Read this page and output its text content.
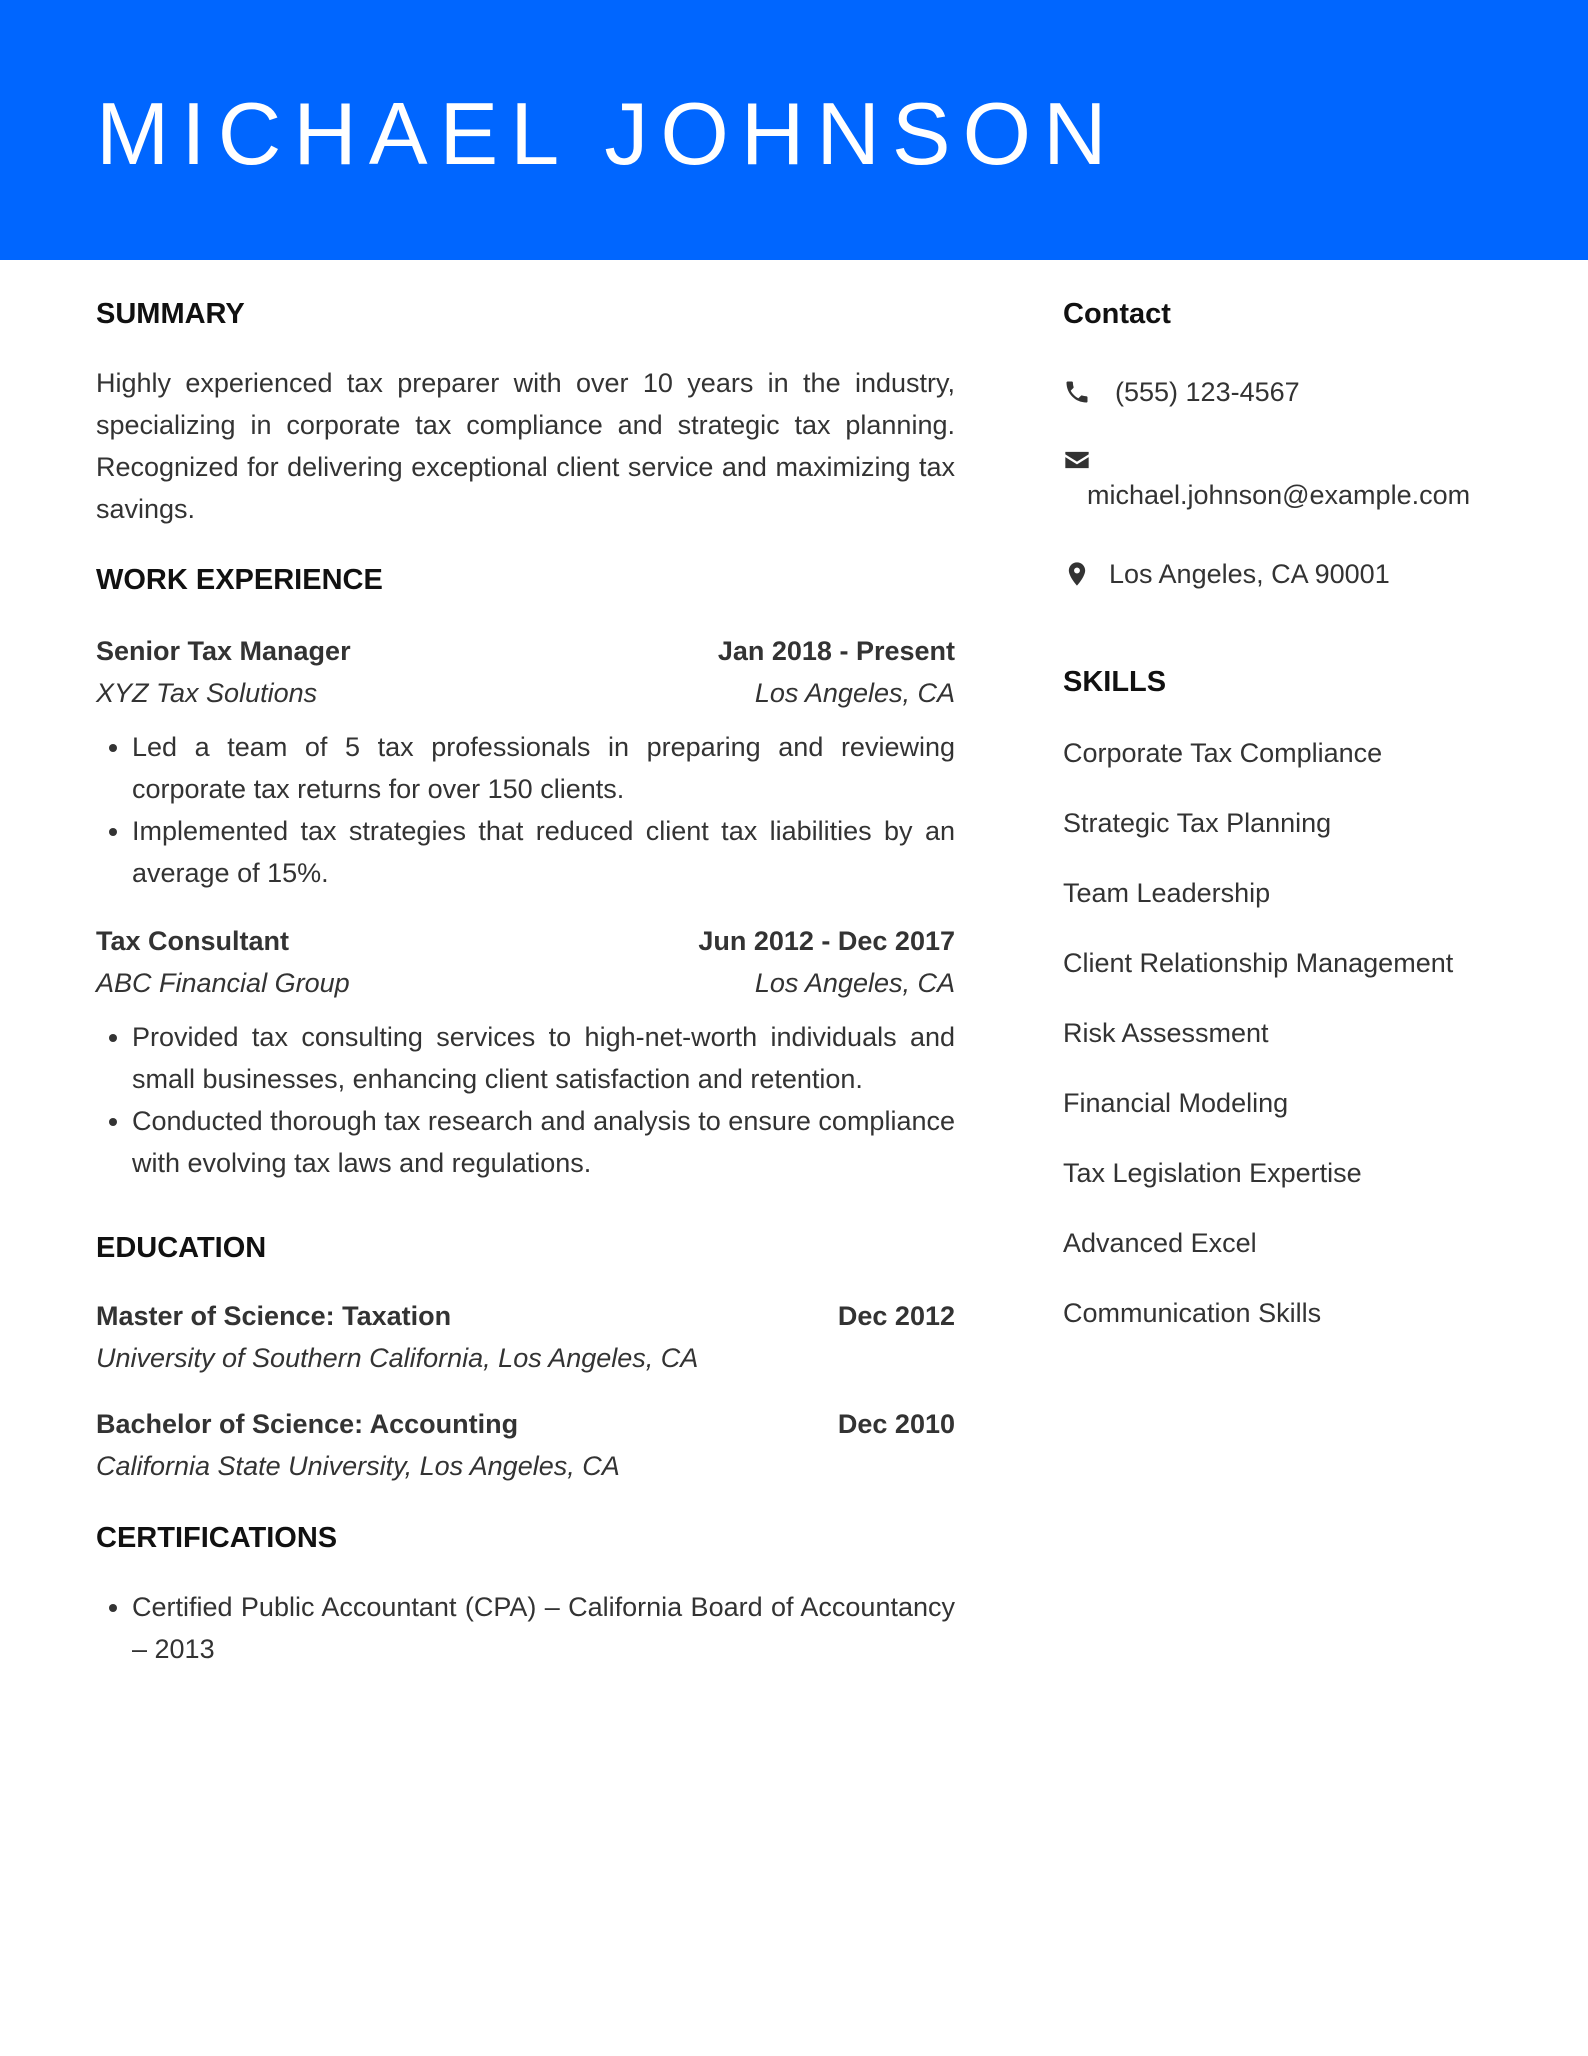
MICHAEL JOHNSON
SUMMARY

Highly experienced tax preparer with over 10 years in the industry, specializing in corporate tax compliance and strategic tax planning. Recognized for delivering exceptional client service and maximizing tax savings.

WORK EXPERIENCE
Senior Tax Manager	Jan 2018 - Present
XYZ Tax Solutions	Los Angeles, CA
• Led a team of 5 tax professionals in preparing and reviewing corporate tax returns for over 150 clients.
• Implemented tax strategies that reduced client tax liabilities by an average of 15%.
Tax Consultant	Jun 2012 - Dec 2017
ABC Financial Group	Los Angeles, CA
• Provided tax consulting services to high-net-worth individuals and small businesses, enhancing client satisfaction and retention.
• Conducted thorough tax research and analysis to ensure compliance with evolving tax laws and regulations.
EDUCATION
Master of Science: Taxation	Dec 2012
University of Southern California, Los Angeles, CA
Bachelor of Science: Accounting	Dec 2010
California State University, Los Angeles, CA
CERTIFICATIONS
• Certified Public Accountant (CPA) – California Board of Accountancy – 2013
Contact
(555) 123-4567
michael.johnson@example.com
Los Angeles, CA 90001
SKILLS
Corporate Tax Compliance
Strategic Tax Planning
Team Leadership
Client Relationship Management
Risk Assessment
Financial Modeling
Tax Legislation Expertise
Advanced Excel
Communication Skills
